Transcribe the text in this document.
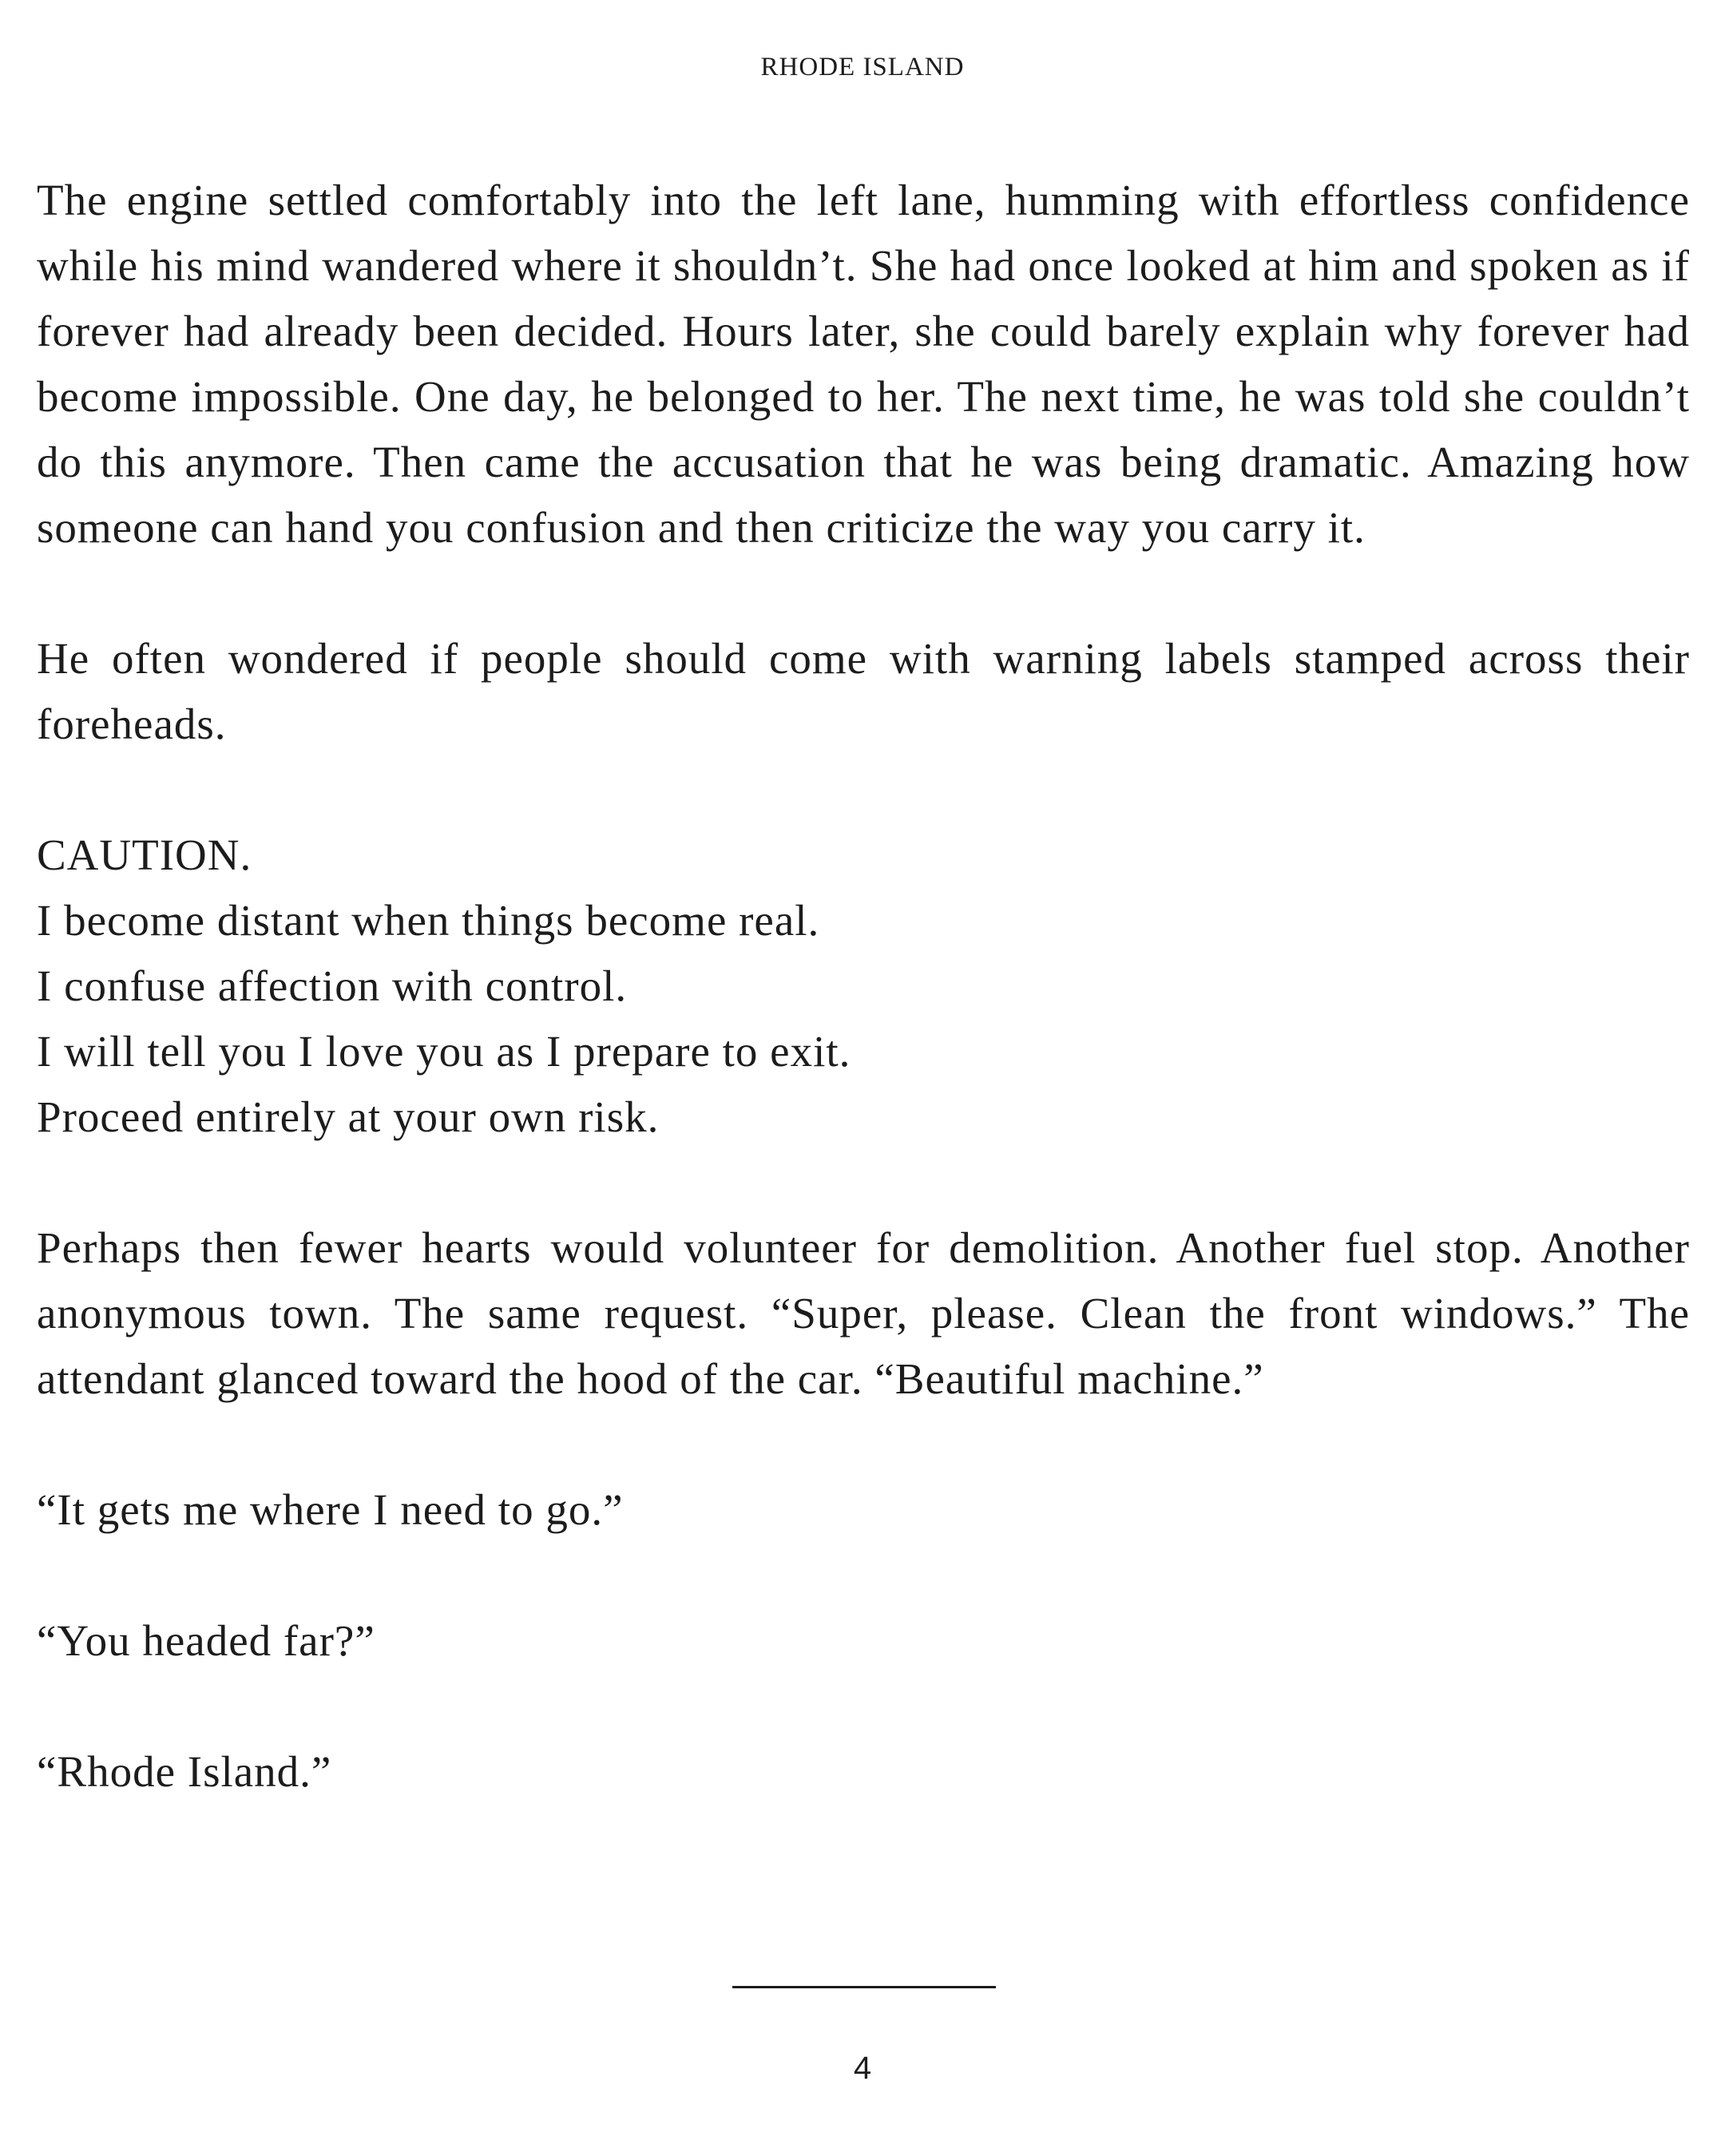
RHODE ISLAND

The engine settled comfortably into the left lane, humming with effortless confidence while his mind wandered where it shouldn’t. She had once looked at him and spoken as if forever had already been decided. Hours later, she could barely explain why forever had become impossible. One day, he belonged to her. The next time, he was told she couldn’t do this anymore. Then came the accusation that he was being dramatic. Amazing how someone can hand you confusion and then criticize the way you carry it.

He often wondered if people should come with warning labels stamped across their foreheads.

CAUTION.
I become distant when things become real.
I confuse affection with control.
I will tell you I love you as I prepare to exit.
Proceed entirely at your own risk.

Perhaps then fewer hearts would volunteer for demolition. Another fuel stop. Another anonymous town. The same request. “Super, please. Clean the front windows.” The attendant glanced toward the hood of the car. “Beautiful machine.”

“It gets me where I need to go.”

“You headed far?”

“Rhode Island.”

4
